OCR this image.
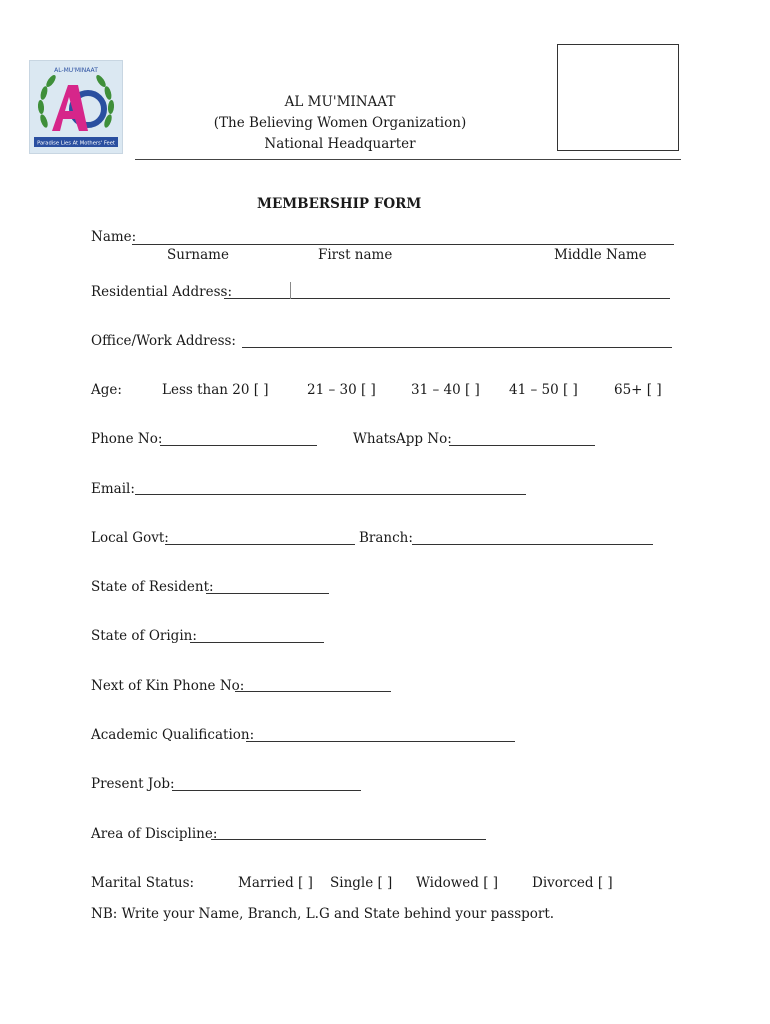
Paradise Lies At Mothers' Feet
AL-MU'MINAAT
AL MU'MINAAT
(The Believing Women Organization)
National Headquarter
MEMBERSHIP FORM
Name:
Surname	First name	Middle Name
Residential Address:
Office/Work Address:
Age:	Less than 20 [ ]	21 – 30 [ ]	31 – 40 [ ] 41 – 50 [ ]	65+ [ ]
Phone No:	WhatsApp No:
Email:
Local Govt:	Branch:
State of Resident:
State of Origin:
Next of Kin Phone No:
Academic Qualification:
Present Job:
Area of Discipline:
Marital Status:	Married [ ] Single [ ] Widowed [ ]	Divorced [ ]
NB: Write your Name, Branch, L.G and State behind your passport.
